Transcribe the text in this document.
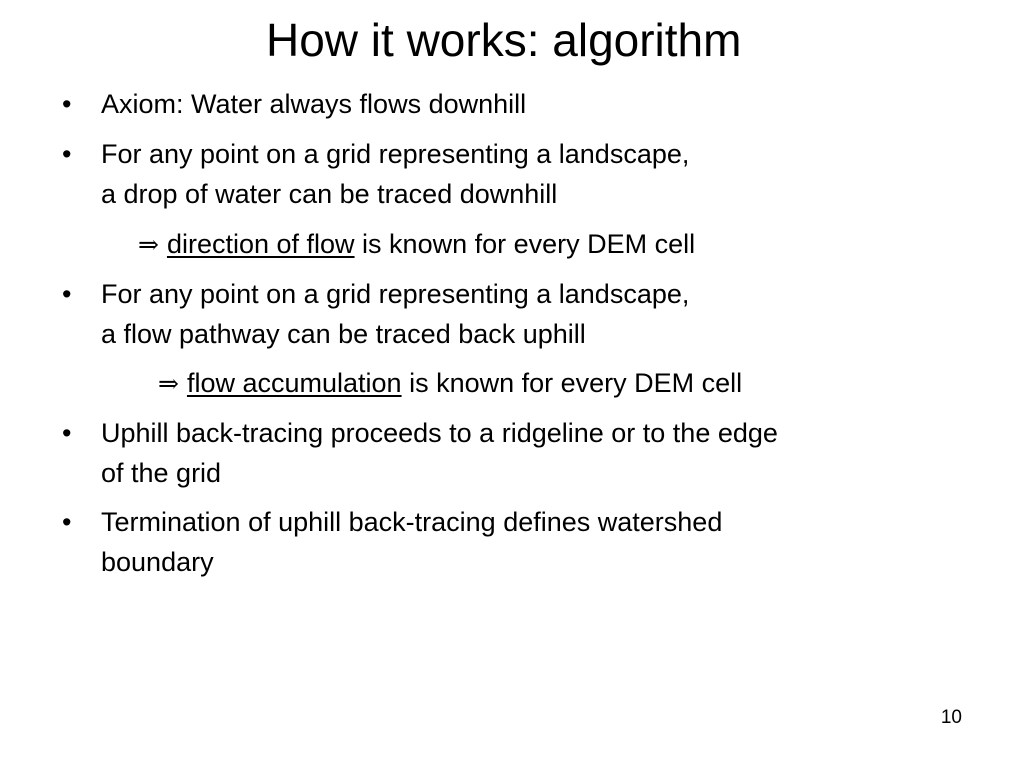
How it works: algorithm
•	Axiom: Water always flows downhill
•	For any point on a grid representing a landscape,
a drop of water can be traced downhill
•	For any point on a grid representing a landscape,
a flow pathway can be traced back uphill
•	Uphill back-tracing proceeds to a ridgeline or to the edge
of the grid
•	Termination of uphill back-tracing defines watershed
boundary
⇒ direction of flow is known for every DEM cell
⇒ flow accumulation is known for every DEM cell
10
